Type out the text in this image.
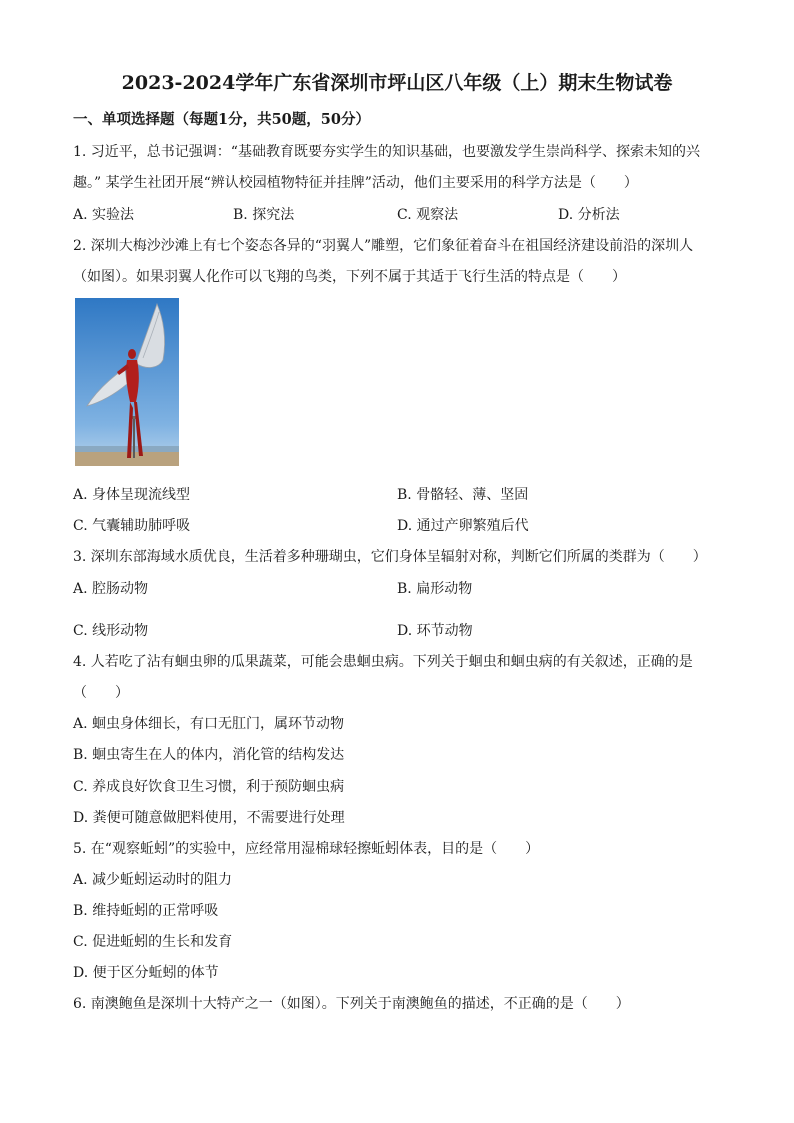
2023-2024学年广东省深圳市坪山区八年级（上）期末生物试卷
一、单项选择题（每题1分，共50题，50分）
1. 习近平，总书记强调：“基础教育既要夯实学生的知识基础，也要激发学生崇尚科学、探索未知的兴
趣。” 某学生社团开展“辨认校园植物特征并挂牌”活动，他们主要采用的科学方法是（　　）
A. 实验法	B. 探究法	C. 观察法	D. 分析法
2. 深圳大梅沙沙滩上有七个姿态各异的“羽翼人”雕塑，它们象征着奋斗在祖国经济建设前沿的深圳人
（如图）。如果羽翼人化作可以飞翔的鸟类，下列不属于其适于飞行生活的特点是（　　）
A. 身体呈现流线型	B. 骨骼轻、薄、坚固
C. 气囊辅助肺呼吸	D. 通过产卵繁殖后代
3. 深圳东部海域水质优良，生活着多种珊瑚虫，它们身体呈辐射对称，判断它们所属的类群为（　　）
A. 腔肠动物	B. 扁形动物
C. 线形动物	D. 环节动物
4. 人若吃了沾有蛔虫卵的瓜果蔬菜，可能会患蛔虫病。下列关于蛔虫和蛔虫病的有关叙述，正确的是
（　　）
A. 蛔虫身体细长，有口无肛门，属环节动物
B. 蛔虫寄生在人的体内，消化管的结构发达
C. 养成良好饮食卫生习惯，利于预防蛔虫病
D. 粪便可随意做肥料使用，不需要进行处理
5. 在“观察蚯蚓”的实验中，应经常用湿棉球轻擦蚯蚓体表，目的是（　　）
A. 减少蚯蚓运动时的阻力
B. 维持蚯蚓的正常呼吸
C. 促进蚯蚓的生长和发育
D. 便于区分蚯蚓的体节
6. 南澳鲍鱼是深圳十大特产之一（如图）。下列关于南澳鲍鱼的描述，不正确的是（　　）
